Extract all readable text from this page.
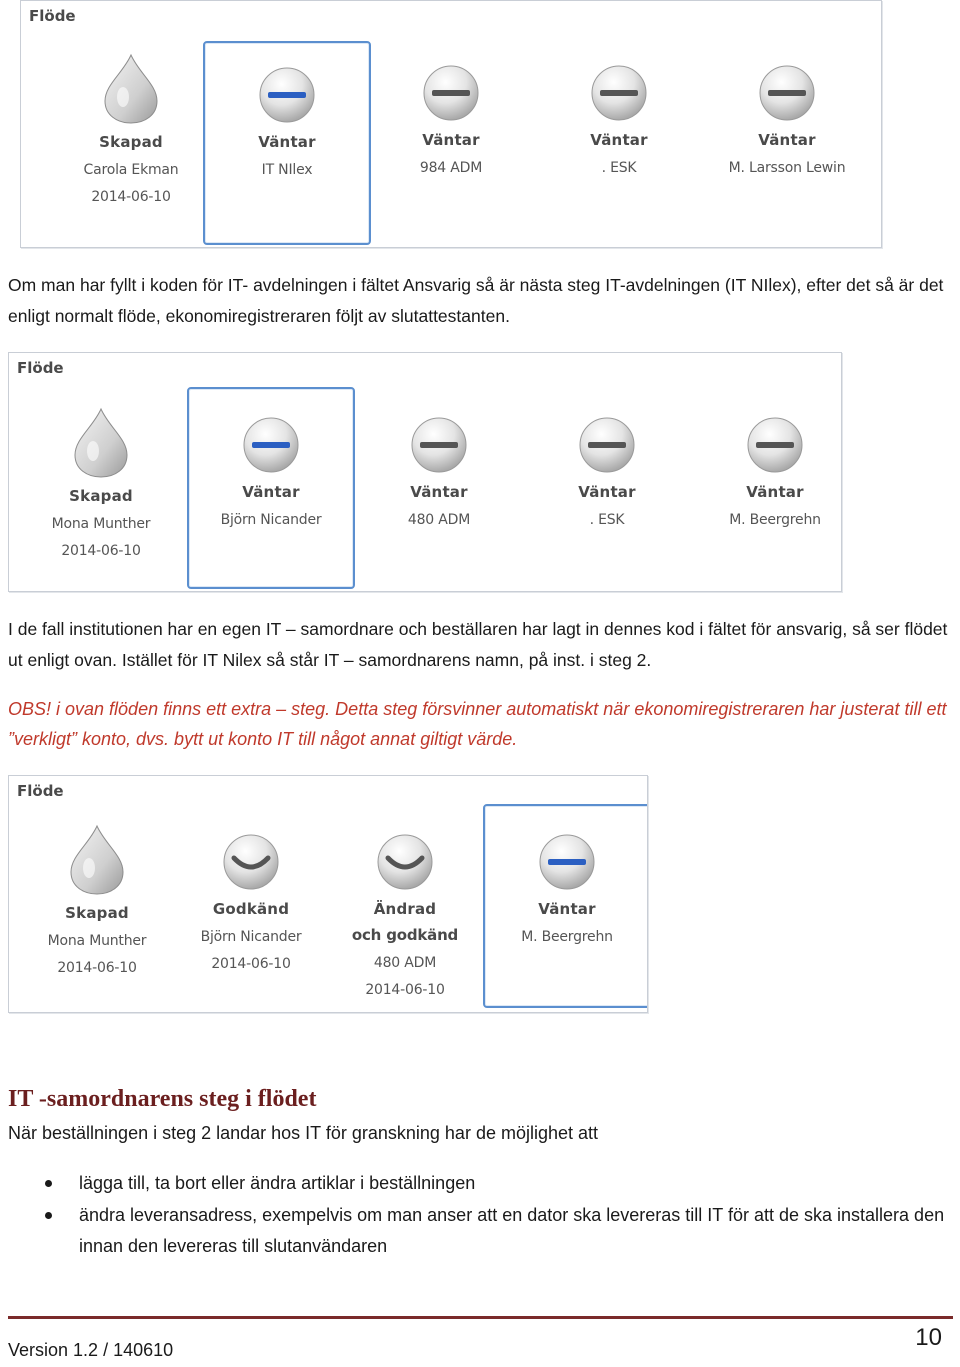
Flöde
Skapad
Carola Ekman
2014-06-10
Väntar
IT NIlex
Väntar
984 ADM
Väntar
. ESK
Väntar
M. Larsson Lewin

Om man har fyllt i koden för IT- avdelningen i fältet Ansvarig så är nästa steg IT-avdelningen (IT NIlex), efter det så är det enligt normalt flöde, ekonomiregistreraren följt av slutattestanten.

Flöde
Skapad
Mona Munther
2014-06-10
Väntar
Björn Nicander
Väntar
480 ADM
Väntar
. ESK
Väntar
M. Beergrehn

I de fall institutionen har en egen IT – samordnare och beställaren har lagt in dennes kod i fältet för ansvarig, så ser flödet ut enligt ovan. Istället för IT Nilex så står IT – samordnarens namn, på inst. i steg 2.

OBS! i ovan flöden finns ett extra – steg. Detta steg försvinner automatiskt när ekonomiregistreraren har justerat till ett ”verkligt” konto, dvs. bytt ut konto IT till något annat giltigt värde.

Flöde
Skapad
Mona Munther
2014-06-10
Godkänd
Björn Nicander
2014-06-10
Ändrad
och godkänd
480 ADM
2014-06-10
Väntar
M. Beergrehn
IT -samordnarens steg i flödet

När beställningen i steg 2 landar hos IT för granskning har de möjlighet att

lägga till, ta bort eller ändra artiklar i beställningen
ändra leveransadress, exempelvis om man anser att en dator ska levereras till IT för att de ska installera den innan den levereras till slutanvändaren
Version 1.2 / 140610	10
